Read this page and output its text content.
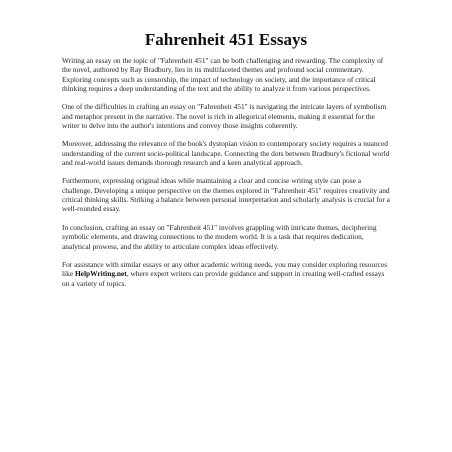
Fahrenheit 451 Essays

Writing an essay on the topic of "Fahrenheit 451" can be both challenging and rewarding. The complexity of the novel, authored by Ray Bradbury, lies in its multifaceted themes and profound social commentary. Exploring concepts such as censorship, the impact of technology on society, and the importance of critical thinking requires a deep understanding of the text and the ability to analyze it from various perspectives.

One of the difficulties in crafting an essay on "Fahrenheit 451" is navigating the intricate layers of symbolism and metaphor present in the narrative. The novel is rich in allegorical elements, making it essential for the writer to delve into the author's intentions and convey those insights coherently.

Moreover, addressing the relevance of the book's dystopian vision to contemporary society requires a nuanced understanding of the current socio-political landscape. Connecting the dots between Bradbury's fictional world and real-world issues demands thorough research and a keen analytical approach.

Furthermore, expressing original ideas while maintaining a clear and concise writing style can pose a challenge. Developing a unique perspective on the themes explored in "Fahrenheit 451" requires creativity and critical thinking skills. Striking a balance between personal interpretation and scholarly analysis is crucial for a well-rounded essay.

In conclusion, crafting an essay on "Fahrenheit 451" involves grappling with intricate themes, deciphering symbolic elements, and drawing connections to the modern world. It is a task that requires dedication, analytical prowess, and the ability to articulate complex ideas effectively.

For assistance with similar essays or any other academic writing needs, you may consider exploring resources like HelpWriting.net, where expert writers can provide guidance and support in creating well-crafted essays on a variety of topics.
